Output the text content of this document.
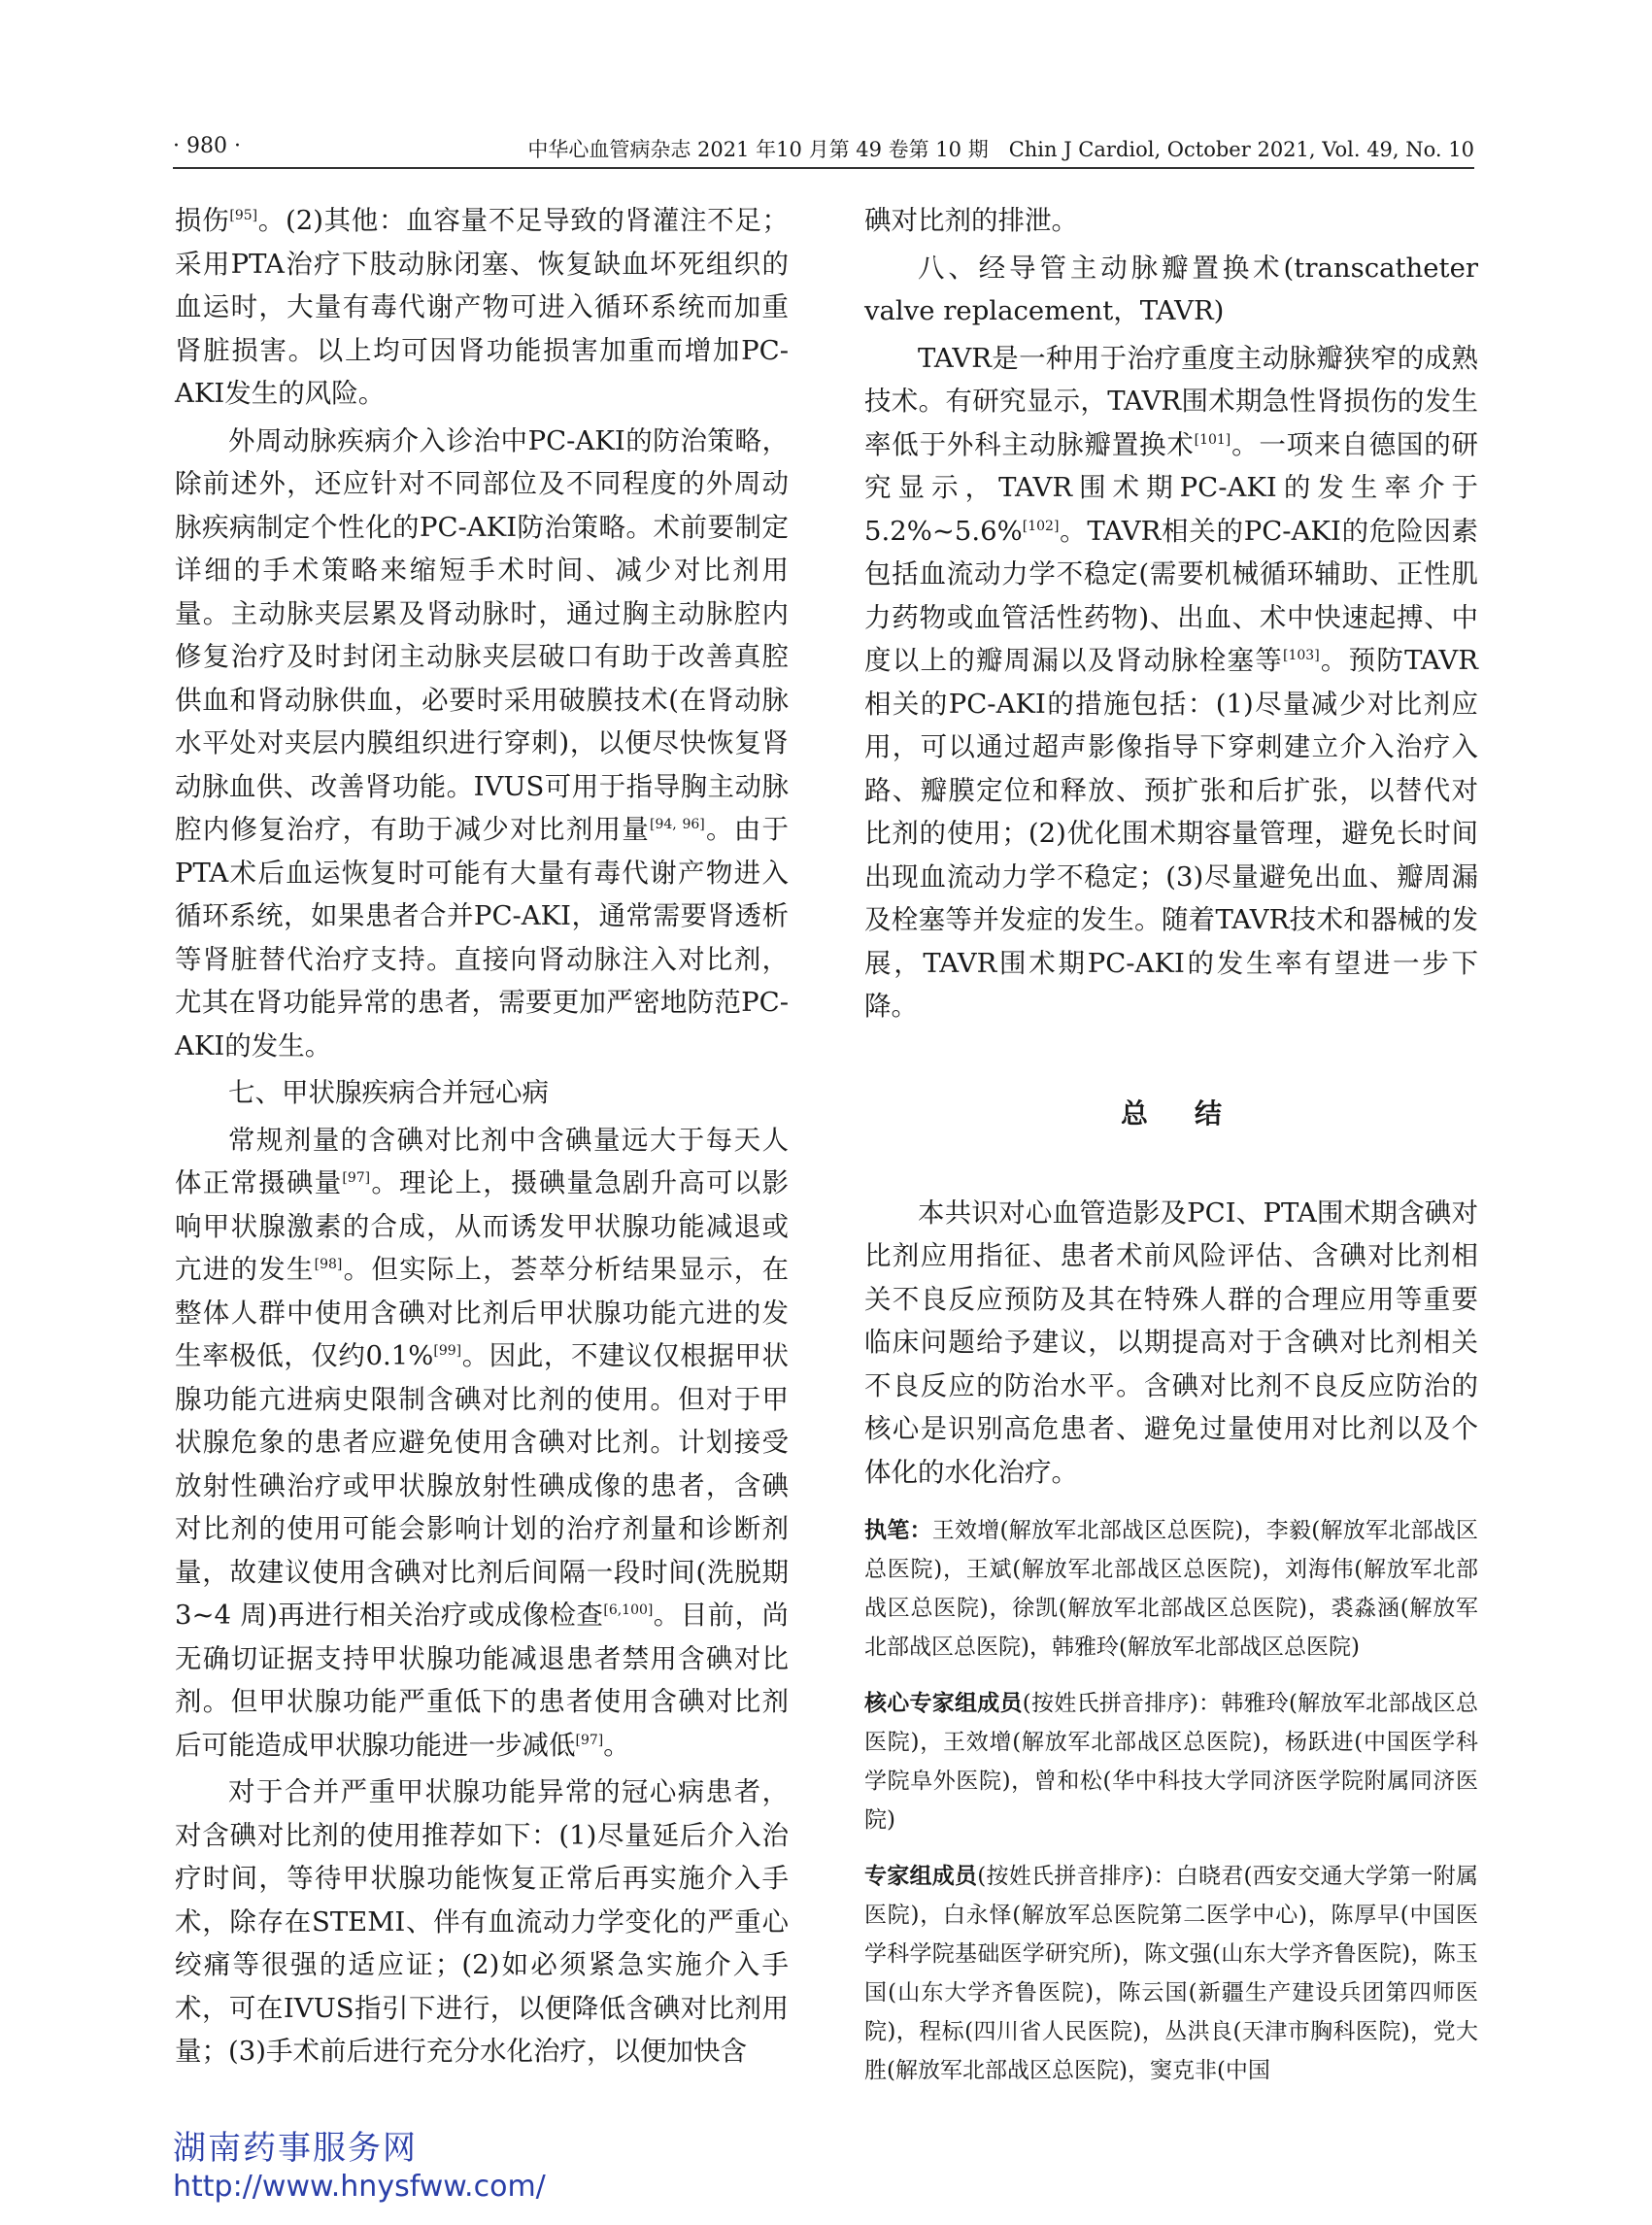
· 980 ·	中华心血管病杂志 2021 年10 月第 49 卷第 10 期　Chin J Cardiol, October 2021, Vol. 49, No. 10

损伤[95]。(2)其他：血容量不足导致的肾灌注不足；采用PTA治疗下肢动脉闭塞、恢复缺血坏死组织的血运时，大量有毒代谢产物可进入循环系统而加重肾脏损害。以上均可因肾功能损害加重而增加PC-AKI发生的风险。

外周动脉疾病介入诊治中PC-AKI的防治策略，除前述外，还应针对不同部位及不同程度的外周动脉疾病制定个性化的PC-AKI防治策略。术前要制定详细的手术策略来缩短手术时间、减少对比剂用量。主动脉夹层累及肾动脉时，通过胸主动脉腔内修复治疗及时封闭主动脉夹层破口有助于改善真腔供血和肾动脉供血，必要时采用破膜技术(在肾动脉水平处对夹层内膜组织进行穿刺)，以便尽快恢复肾动脉血供、改善肾功能。IVUS可用于指导胸主动脉腔内修复治疗，有助于减少对比剂用量[94, 96]。由于PTA术后血运恢复时可能有大量有毒代谢产物进入循环系统，如果患者合并PC-AKI，通常需要肾透析等肾脏替代治疗支持。直接向肾动脉注入对比剂，尤其在肾功能异常的患者，需要更加严密地防范PC-AKI的发生。

七、甲状腺疾病合并冠心病

常规剂量的含碘对比剂中含碘量远大于每天人体正常摄碘量[97]。理论上，摄碘量急剧升高可以影响甲状腺激素的合成，从而诱发甲状腺功能减退或亢进的发生[98]。但实际上，荟萃分析结果显示，在整体人群中使用含碘对比剂后甲状腺功能亢进的发生率极低，仅约0.1%[99]。因此，不建议仅根据甲状腺功能亢进病史限制含碘对比剂的使用。但对于甲状腺危象的患者应避免使用含碘对比剂。计划接受放射性碘治疗或甲状腺放射性碘成像的患者，含碘对比剂的使用可能会影响计划的治疗剂量和诊断剂量，故建议使用含碘对比剂后间隔一段时间(洗脱期 3~4 周)再进行相关治疗或成像检查[6,100]。目前，尚无确切证据支持甲状腺功能减退患者禁用含碘对比剂。但甲状腺功能严重低下的患者使用含碘对比剂后可能造成甲状腺功能进一步减低[97]。

对于合并严重甲状腺功能异常的冠心病患者，对含碘对比剂的使用推荐如下：(1)尽量延后介入治疗时间，等待甲状腺功能恢复正常后再实施介入手术，除存在STEMI、伴有血流动力学变化的严重心绞痛等很强的适应证；(2)如必须紧急实施介入手术，可在IVUS指引下进行，以便降低含碘对比剂用量；(3)手术前后进行充分水化治疗，以便加快含

碘对比剂的排泄。

八、经导管主动脉瓣置换术(transcatheter valve replacement，TAVR)

TAVR是一种用于治疗重度主动脉瓣狭窄的成熟技术。有研究显示，TAVR围术期急性肾损伤的发生率低于外科主动脉瓣置换术[101]。一项来自德国的研究显示，TAVR围术期PC-AKI的发生率介于5.2%~5.6%[102]。TAVR相关的PC-AKI的危险因素包括血流动力学不稳定(需要机械循环辅助、正性肌力药物或血管活性药物)、出血、术中快速起搏、中度以上的瓣周漏以及肾动脉栓塞等[103]。预防TAVR相关的PC-AKI的措施包括：(1)尽量减少对比剂应用，可以通过超声影像指导下穿刺建立介入治疗入路、瓣膜定位和释放、预扩张和后扩张，以替代对比剂的使用；(2)优化围术期容量管理，避免长时间出现血流动力学不稳定；(3)尽量避免出血、瓣周漏及栓塞等并发症的发生。随着TAVR技术和器械的发展，TAVR围术期PC-AKI的发生率有望进一步下降。

总结

本共识对心血管造影及PCI、PTA围术期含碘对比剂应用指征、患者术前风险评估、含碘对比剂相关不良反应预防及其在特殊人群的合理应用等重要临床问题给予建议，以期提高对于含碘对比剂相关不良反应的防治水平。含碘对比剂不良反应防治的核心是识别高危患者、避免过量使用对比剂以及个体化的水化治疗。

执笔：王效增(解放军北部战区总医院)，李毅(解放军北部战区总医院)，王斌(解放军北部战区总医院)，刘海伟(解放军北部战区总医院)，徐凯(解放军北部战区总医院)，裘淼涵(解放军北部战区总医院)，韩雅玲(解放军北部战区总医院)

核心专家组成员(按姓氏拼音排序)：韩雅玲(解放军北部战区总医院)，王效增(解放军北部战区总医院)，杨跃进(中国医学科学院阜外医院)，曾和松(华中科技大学同济医学院附属同济医院)

专家组成员(按姓氏拼音排序)：白晓君(西安交通大学第一附属医院)，白永怿(解放军总医院第二医学中心)，陈厚早(中国医学科学院基础医学研究所)，陈文强(山东大学齐鲁医院)，陈玉国(山东大学齐鲁医院)，陈云国(新疆生产建设兵团第四师医院)，程标(四川省人民医院)，丛洪良(天津市胸科医院)，党大胜(解放军北部战区总医院)，窦克非(中国

湖南药事服务网
http://www.hnysfww.com/
